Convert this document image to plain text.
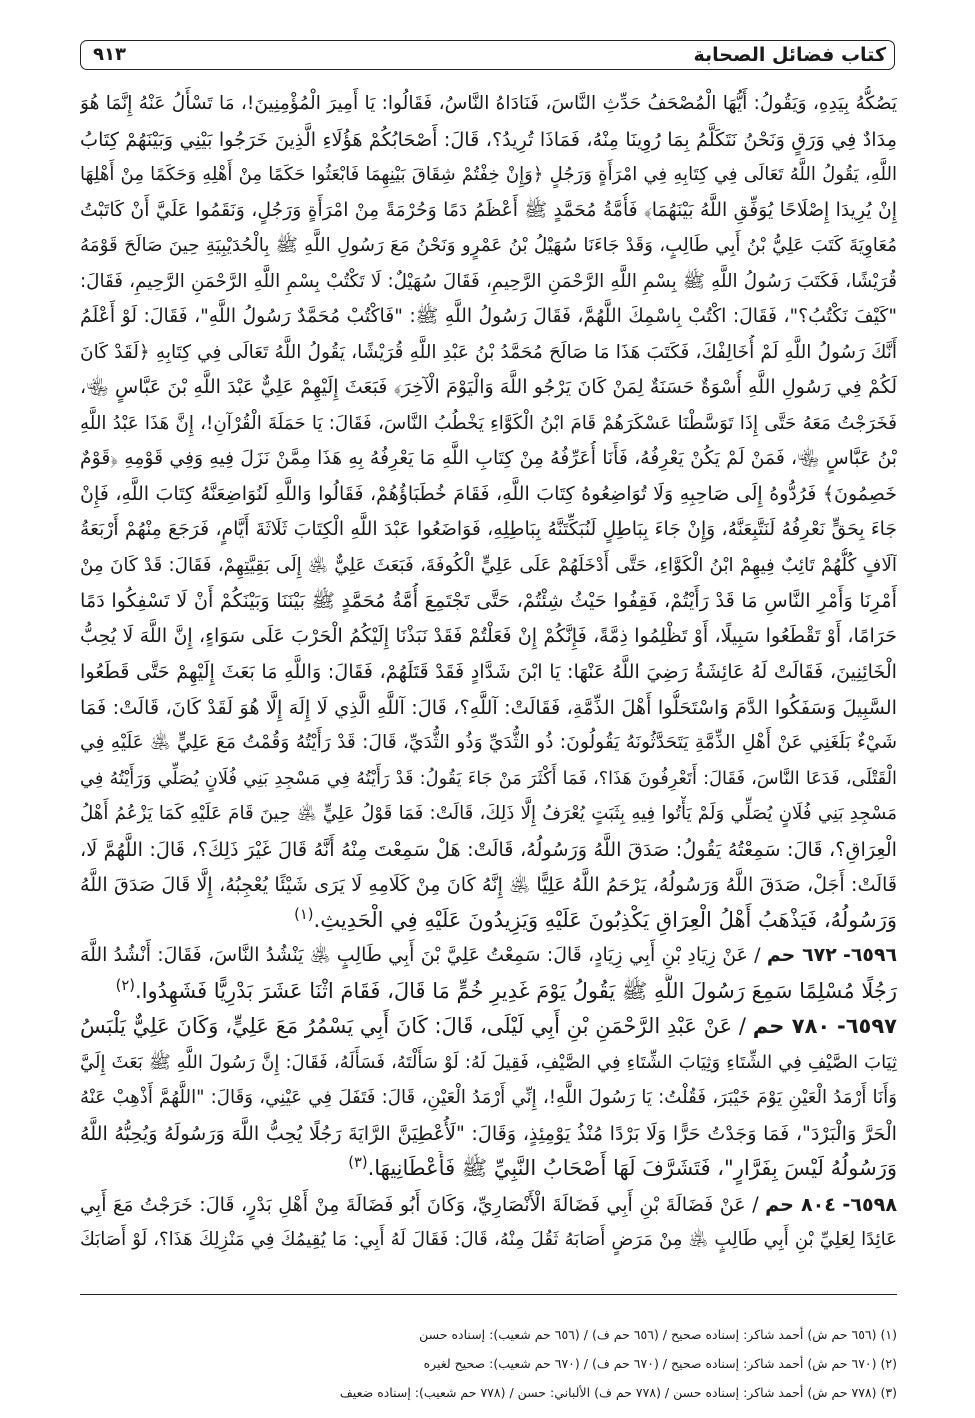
كتاب فضائل الصحابة
٩١٣
يَصُكُّهُ بِيَدِهِ، وَيَقُولُ: أَيُّهَا الْمُصْحَفُ حَدِّثِ النَّاسَ، فَنَادَاهُ النَّاسُ، فَقَالُوا: يَا أَمِيرَ الْمُؤْمِنِينَ!، مَا تَسْأَلُ عَنْهُ إِنَّمَا هُوَ
مِدَادٌ فِي وَرَقٍ وَنَحْنُ نَتَكَلَّمُ بِمَا رُوِينَا مِنْهُ، فَمَاذَا تُرِيدُ؟، قَالَ: أَصْحَابُكُمْ هَؤُلَاءِ الَّذِينَ خَرَجُوا بَيْنِي وَبَيْنَهُمْ كِتَابُ
اللَّهِ، يَقُولُ اللَّهُ تَعَالَى فِي كِتَابِهِ فِي امْرَأَةٍ وَرَجُلٍ ﴿وَإِنْ خِفْتُمْ شِقَاقَ بَيْنِهِمَا فَابْعَثُوا حَكَمًا مِنْ أَهْلِهِ وَحَكَمًا مِنْ أَهْلِهَا
إِنْ يُرِيدَا إِصْلَاحًا يُوَفِّقِ اللَّهُ بَيْنَهُمَا﴾ فَأُمَّةُ مُحَمَّدٍ ﷺ أَعْظَمُ دَمًا وَحُرْمَةً مِنْ امْرَأَةٍ وَرَجُلٍ، وَنَقَمُوا عَلَيَّ أَنْ كَاتَبْتُ
مُعَاوِيَةَ كَتَبَ عَلِيُّ بْنُ أَبِي طَالِبٍ، وَقَدْ جَاءَنَا سُهَيْلُ بْنُ عَمْرٍو وَنَحْنُ مَعَ رَسُولِ اللَّهِ ﷺ بِالْحُدَيْبِيَةِ حِينَ صَالَحَ قَوْمَهُ
قُرَيْشًا، فَكَتَبَ رَسُولُ اللَّهِ ﷺ بِسْمِ اللَّهِ الرَّحْمَنِ الرَّحِيمِ، فَقَالَ سُهَيْلٌ: لَا تَكْتُبْ بِسْمِ اللَّهِ الرَّحْمَنِ الرَّحِيمِ، فَقَالَ:
"كَيْفَ نَكْتُبُ؟"، فَقَالَ: اكْتُبْ بِاسْمِكَ اللَّهُمَّ، فَقَالَ رَسُولُ اللَّهِ ﷺ: "فَاكْتُبْ مُحَمَّدٌ رَسُولُ اللَّهِ"، فَقَالَ: لَوْ أَعْلَمُ
أَنَّكَ رَسُولُ اللَّهِ لَمْ أُخَالِفْكَ، فَكَتَبَ هَذَا مَا صَالَحَ مُحَمَّدُ بْنُ عَبْدِ اللَّهِ قُرَيْشًا، يَقُولُ اللَّهُ تَعَالَى فِي كِتَابِهِ ﴿لَقَدْ كَانَ
لَكُمْ فِي رَسُولِ اللَّهِ أُسْوَةٌ حَسَنَةٌ لِمَنْ كَانَ يَرْجُو اللَّهَ وَالْيَوْمَ الْآخِرَ﴾ فَبَعَثَ إِلَيْهِمْ عَلِيٌّ عَبْدَ اللَّهِ بْنَ عَبَّاسٍ ﵄،
فَخَرَجْتُ مَعَهُ حَتَّى إِذَا تَوَسَّطْنَا عَسْكَرَهُمْ قَامَ ابْنُ الْكَوَّاءِ يَخْطُبُ النَّاسَ، فَقَالَ: يَا حَمَلَةَ الْقُرْآنِ!، إِنَّ هَذَا عَبْدُ اللَّهِ
بْنُ عَبَّاسٍ ﵄، فَمَنْ لَمْ يَكُنْ يَعْرِفُهُ، فَأَنَا أُعَرِّفُهُ مِنْ كِتَابِ اللَّهِ مَا يَعْرِفُهُ بِهِ هَذَا مِمَّنْ نَزَلَ فِيهِ وَفِي قَوْمِهِ ﴿قَوْمٌ
خَصِمُونَ﴾ فَرُدُّوهُ إِلَى صَاحِبِهِ وَلَا تُوَاضِعُوهُ كِتَابَ اللَّهِ، فَقَامَ خُطَبَاؤُهُمْ، فَقَالُوا وَاللَّهِ لَنُوَاضِعَنَّهُ كِتَابَ اللَّهِ، فَإِنْ
جَاءَ بِحَقٍّ نَعْرِفُهُ لَنَتَّبِعَنَّهُ، وَإِنْ جَاءَ بِبَاطِلٍ لَنُبَكِّتَنَّهُ بِبَاطِلِهِ، فَوَاضَعُوا عَبْدَ اللَّهِ الْكِتَابَ ثَلَاثَةَ أَيَّامٍ، فَرَجَعَ مِنْهُمْ أَرْبَعَةُ
آلَافٍ كُلُّهُمْ تَائِبٌ فِيهِمْ ابْنُ الْكَوَّاءِ، حَتَّى أَدْخَلَهُمْ عَلَى عَلِيٍّ الْكُوفَةَ، فَبَعَثَ عَلِيٌّ ﵁ إِلَى بَقِيَّتِهِمْ، فَقَالَ: قَدْ كَانَ مِنْ
أَمْرِنَا وَأَمْرِ النَّاسِ مَا قَدْ رَأَيْتُمْ، فَقِفُوا حَيْثُ شِئْتُمْ، حَتَّى تَجْتَمِعَ أُمَّةُ مُحَمَّدٍ ﷺ بَيْنَنَا وَبَيْنَكُمْ أَنْ لَا تَسْفِكُوا دَمًا
حَرَامًا، أَوْ تَقْطَعُوا سَبِيلًا، أَوْ تَظْلِمُوا ذِمَّةً، فَإِنَّكُمْ إِنْ فَعَلْتُمْ فَقَدْ نَبَذْنَا إِلَيْكُمُ الْحَرْبَ عَلَى سَوَاءٍ، إِنَّ اللَّهَ لَا يُحِبُّ
الْخَائِنِينَ، فَقَالَتْ لَهُ عَائِشَةُ رَضِيَ اللَّهُ عَنْهَا: يَا ابْنَ شَدَّادٍ فَقَدْ قَتَلَهُمْ، فَقَالَ: وَاللَّهِ مَا بَعَثَ إِلَيْهِمْ حَتَّى قَطَعُوا
السَّبِيلَ وَسَفَكُوا الدَّمَ وَاسْتَحَلُّوا أَهْلَ الذِّمَّةِ، فَقَالَتْ: آللَّهِ؟، قَالَ: آللَّهِ الَّذِي لَا إِلَهَ إِلَّا هُوَ لَقَدْ كَانَ، قَالَتْ: فَمَا
شَيْءٌ بَلَغَنِي عَنْ أَهْلِ الذِّمَّةِ يَتَحَدَّثُونَهُ يَقُولُونَ: ذُو الثُّدَيِّ وَذُو الثُّدَيِّ، قَالَ: قَدْ رَأَيْتُهُ وَقُمْتُ مَعَ عَلِيٍّ ﵁ عَلَيْهِ فِي
الْقَتْلَى، فَدَعَا النَّاسَ، فَقَالَ: أَتَعْرِفُونَ هَذَا؟، فَمَا أَكْثَرَ مَنْ جَاءَ يَقُولُ: قَدْ رَأَيْتُهُ فِي مَسْجِدِ بَنِي فُلَانٍ يُصَلِّي وَرَأَيْتُهُ فِي
مَسْجِدِ بَنِي فُلَانٍ يُصَلِّي وَلَمْ يَأْتُوا فِيهِ بِثَبَتٍ يُعْرَفُ إِلَّا ذَلِكَ، قَالَتْ: فَمَا قَوْلُ عَلِيٍّ ﵁ حِينَ قَامَ عَلَيْهِ كَمَا يَزْعُمُ أَهْلُ
الْعِرَاقِ؟، قَالَ: سَمِعْتُهُ يَقُولُ: صَدَقَ اللَّهُ وَرَسُولُهُ، قَالَتْ: هَلْ سَمِعْتَ مِنْهُ أَنَّهُ قَالَ غَيْرَ ذَلِكَ؟، قَالَ: اللَّهُمَّ لَا،
قَالَتْ: أَجَلْ، صَدَقَ اللَّهُ وَرَسُولُهُ، يَرْحَمُ اللَّهُ عَلِيًّا ﵁ إِنَّهُ كَانَ مِنْ كَلَامِهِ لَا يَرَى شَيْئًا يُعْجِبُهُ، إِلَّا قَالَ صَدَقَ اللَّهُ
وَرَسُولُهُ، فَيَذْهَبُ أَهْلُ الْعِرَاقِ يَكْذِبُونَ عَلَيْهِ وَيَزِيدُونَ عَلَيْهِ فِي الْحَدِيثِ.$^{(١)}$
٦٥٩٦- ٦٧٢ حم / عَنْ زِيَادِ بْنِ أَبِي زِيَادٍ، قَالَ: سَمِعْتُ عَلِيَّ بْنَ أَبِي طَالِبٍ ﵁ يَنْشُدُ النَّاسَ، فَقَالَ: أَنْشُدُ اللَّهَ
رَجُلًا مُسْلِمًا سَمِعَ رَسُولَ اللَّهِ ﷺ يَقُولُ يَوْمَ غَدِيرِ خُمٍّ مَا قَالَ، فَقَامَ اثْنَا عَشَرَ بَدْرِيًّا فَشَهِدُوا.$^{(٢)}$
٦٥٩٧- ٧٨٠ حم / عَنْ عَبْدِ الرَّحْمَنِ بْنِ أَبِي لَيْلَى، قَالَ: كَانَ أَبِي يَسْمُرُ مَعَ عَلِيٍّ، وَكَانَ عَلِيٌّ يَلْبَسُ
ثِيَابَ الصَّيْفِ فِي الشِّتَاءِ وَثِيَابَ الشِّتَاءِ فِي الصَّيْفِ، فَقِيلَ لَهُ: لَوْ سَأَلْتَهُ، فَسَأَلَهُ، فَقَالَ: إِنَّ رَسُولَ اللَّهِ ﷺ بَعَثَ إِلَيَّ
وَأَنَا أَرْمَدُ الْعَيْنِ يَوْمَ خَيْبَرَ، فَقُلْتُ: يَا رَسُولَ اللَّهِ!، إِنِّي أَرْمَدُ الْعَيْنِ، قَالَ: فَتَفَلَ فِي عَيْنِي، وَقَالَ: "اللَّهُمَّ أَذْهِبْ عَنْهُ
الْحَرَّ وَالْبَرْدَ"، فَمَا وَجَدْتُ حَرًّا وَلَا بَرْدًا مُنْذُ يَوْمِئِذٍ، وَقَالَ: "لَأُعْطِيَنَّ الرَّايَةَ رَجُلًا يُحِبُّ اللَّهَ وَرَسُولَهُ وَيُحِبُّهُ اللَّهُ
وَرَسُولُهُ لَيْسَ بِفَرَّارٍ"، فَتَشَرَّفَ لَهَا أَصْحَابُ النَّبِيِّ ﷺ فَأَعْطَانِيهَا.$^{(٣)}$
٦٥٩٨- ٨٠٤ حم / عَنْ فَضَالَةَ بْنِ أَبِي فَضَالَةَ الْأَنْصَارِيِّ، وَكَانَ أَبُو فَضَالَةَ مِنْ أَهْلِ بَدْرٍ، قَالَ: خَرَجْتُ مَعَ أَبِي
عَائِدًا لِعَلِيِّ بْنِ أَبِي طَالِبٍ ﵁ مِنْ مَرَضٍ أَصَابَهُ ثَقُلَ مِنْهُ، قَالَ: فَقَالَ لَهُ أَبِي: مَا يُقِيمُكَ فِي مَنْزِلِكَ هَذَا؟، لَوْ أَصَابَكَ
(١) (٦٥٦ حم ش) أحمد شاكر: إسناده صحيح / (٦٥٦ حم ف) / (٦٥٦ حم شعيب): إسناده حسن
(٢) (٦٧٠ حم ش) أحمد شاكر: إسناده صحيح / (٦٧٠ حم ف) / (٦٧٠ حم شعيب): صحيح لغيره
(٣) (٧٧٨ حم ش) أحمد شاكر: إسناده حسن / (٧٧٨ حم ف) الألباني: حسن / (٧٧٨ حم شعيب): إسناده ضعيف
